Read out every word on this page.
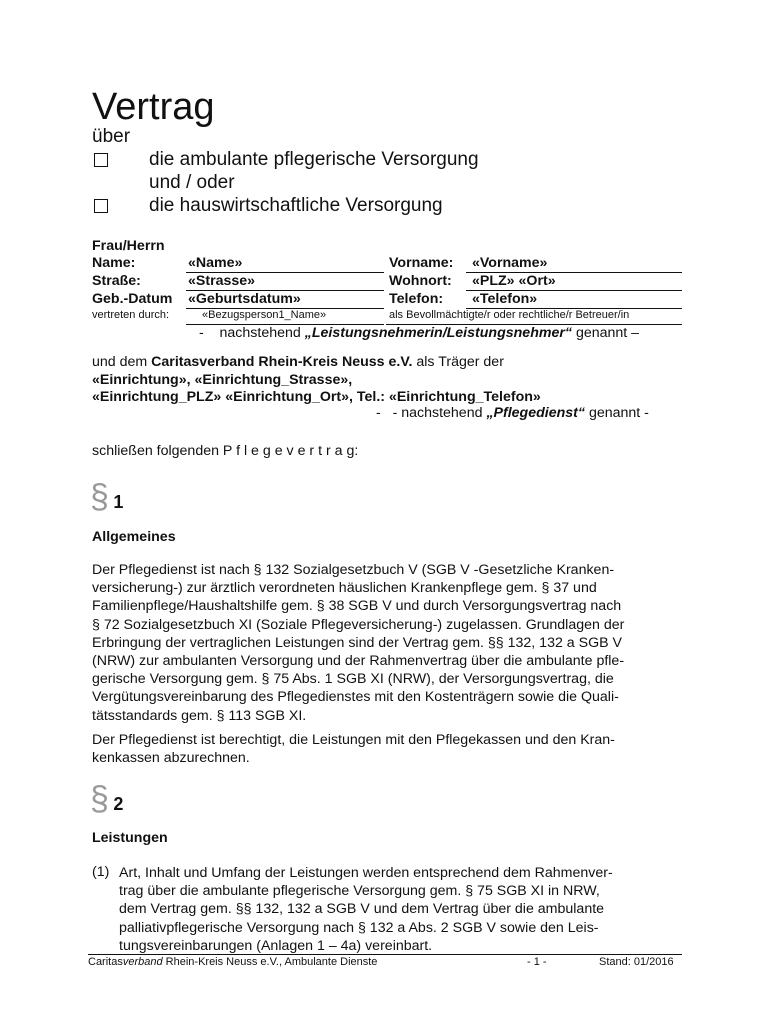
Vertrag
über
die ambulante pflegerische Versorgung
und / oder
die hauswirtschaftliche Versorgung
Frau/Herrn
Name:	«Name»	Vorname: «Vorname»
Straße:	«Strasse»	Wohnort: «PLZ» «Ort»
Geb.-Datum «Geburtsdatum»	Telefon: «Telefon»
vertreten durch:	«Bezugsperson1_Name»	als Bevollmächtigte/r oder rechtliche/r Betreuer/in
- nachstehend „Leistungsnehmerin/Leistungsnehmer“ genannt –
und dem Caritasverband Rhein-Kreis Neuss e.V. als Träger der
«Einrichtung», «Einrichtung_Strasse»,
«Einrichtung_PLZ» «Einrichtung_Ort», Tel.: «Einrichtung_Telefon»
- - nachstehend „Pflegedienst“ genannt -
schließen folgenden P f l e g e v e r t r a g:
§ 1
Allgemeines
Der Pflegedienst ist nach § 132 Sozialgesetzbuch V (SGB V -Gesetzliche Kranken-
versicherung-) zur ärztlich verordneten häuslichen Krankenpflege gem. § 37 und
Familienpflege/Haushaltshilfe gem. § 38 SGB V und durch Versorgungsvertrag nach
§ 72 Sozialgesetzbuch XI (Soziale Pflegeversicherung-) zugelassen. Grundlagen der
Erbringung der vertraglichen Leistungen sind der Vertrag gem. §§ 132, 132 a SGB V
(NRW) zur ambulanten Versorgung und der Rahmenvertrag über die ambulante pfle-
gerische Versorgung gem. § 75 Abs. 1 SGB XI (NRW), der Versorgungsvertrag, die
Vergütungsvereinbarung des Pflegedienstes mit den Kostenträgern sowie die Quali-
tätsstandards gem. § 113 SGB XI.
Der Pflegedienst ist berechtigt, die Leistungen mit den Pflegekassen und den Kran-
kenkassen abzurechnen.
§ 2
Leistungen
(1) Art, Inhalt und Umfang der Leistungen werden entsprechend dem Rahmenver-
trag über die ambulante pflegerische Versorgung gem. § 75 SGB XI in NRW,
dem Vertrag gem. §§ 132, 132 a SGB V und dem Vertrag über die ambulante
palliativpflegerische Versorgung nach § 132 a Abs. 2 SGB V sowie den Leis-
tungsvereinbarungen (Anlagen 1 – 4a) vereinbart.
Caritasverband Rhein-Kreis Neuss e.V., Ambulante Dienste	- 1 -	Stand: 01/2016
